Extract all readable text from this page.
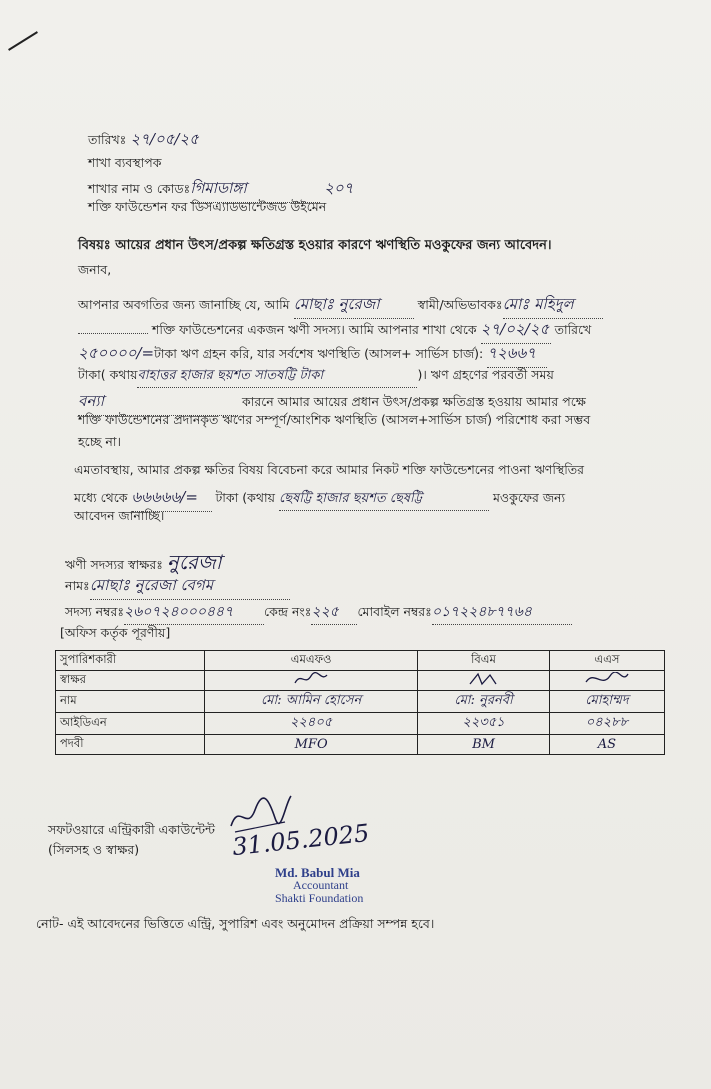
তারিখঃ ২৭/০৫/২৫
শাখা ব্যবস্থাপক
শাখার নাম ও কোডঃগিমাডাঙ্গা	২০৭
শক্তি ফাউন্ডেশন ফর ডিসএ্যাডভান্টেজড উইমেন
বিষয়ঃ আয়ের প্রধান উৎস/প্রকল্প ক্ষতিগ্রস্ত হওয়ার কারণে ঋণস্থিতি মওকুফের জন্য আবেদন।
জনাব,
আপনার অবগতির জন্য জানাচ্ছি যে, আমি মোছাঃ নুরেজা	স্বামী/অভিভাবকঃমোঃ মহিদুল
শক্তি ফাউন্ডেশনের একজন ঋণী সদস্য। আমি আপনার শাখা থেকে ২৭/০২/২৫ তারিখে
২৫০০০০/=টাকা ঋণ গ্রহন করি, যার সর্বশেষ ঋণস্থিতি (আসল+ সার্ভিস চার্জ): ৭২৬৬৭
টাকা( কথায়বাহাত্তর হাজার ছয়শত সাতষট্টি টাকা	)। ঋণ গ্রহণের পরবর্তী সময়
বন্যা	কারনে আমার আয়ের প্রধান উৎস/প্রকল্প ক্ষতিগ্রস্ত হওয়ায় আমার পক্ষে
শক্তি ফাউন্ডেশনের প্রদানকৃত ঋণের সম্পূর্ণ/আংশিক ঋণস্থিতি (আসল+সার্ভিস চার্জ) পরিশোধ করা সম্ভব
হচ্ছে না।
এমতাবস্থায়, আমার প্রকল্প ক্ষতির বিষয় বিবেচনা করে আমার নিকট শক্তি ফাউন্ডেশনের পাওনা ঋণস্থিতির
মধ্যে থেকে ৬৬৬৬৬/= টাকা (কথায় ছেষট্টি হাজার ছয়শত ছেষট্টি	মওকুফের জন্য
আবেদন জানাচ্ছি।
ঋণী সদস্যর স্বাক্ষরঃ নুরেজা
নামঃমোছাঃ নুরেজা বেগম
সদস্য নম্বরঃ২৬০৭২৪০০০৪৪৭ কেন্দ্র নংঃ২২৫ মোবাইল নম্বরঃ০১৭২২৪৮৭৭৬৪
[অফিস কর্তৃক পূরণীয়]
সুপারিশকারী	এমএফও	বিএম	এএস
স্বাক্ষর			
নাম	মো: আমিন হোসেন	মো: নুরনবী	মোহাম্মদ
আইডিএন	২২৪০৫	২২৩৫১	০৪২৮৮
পদবী	MFO	BM	AS
সফটওয়ারে এন্ট্রিকারী একাউন্টেন্ট
(সিলসহ ও স্বাক্ষর)	31.05.2025
Md. Babul Mia
Accountant
Shakti Foundation
নোট- এই আবেদনের ভিত্তিতে এন্ট্রি, সুপারিশ এবং অনুমোদন প্রক্রিয়া সম্পন্ন হবে।
